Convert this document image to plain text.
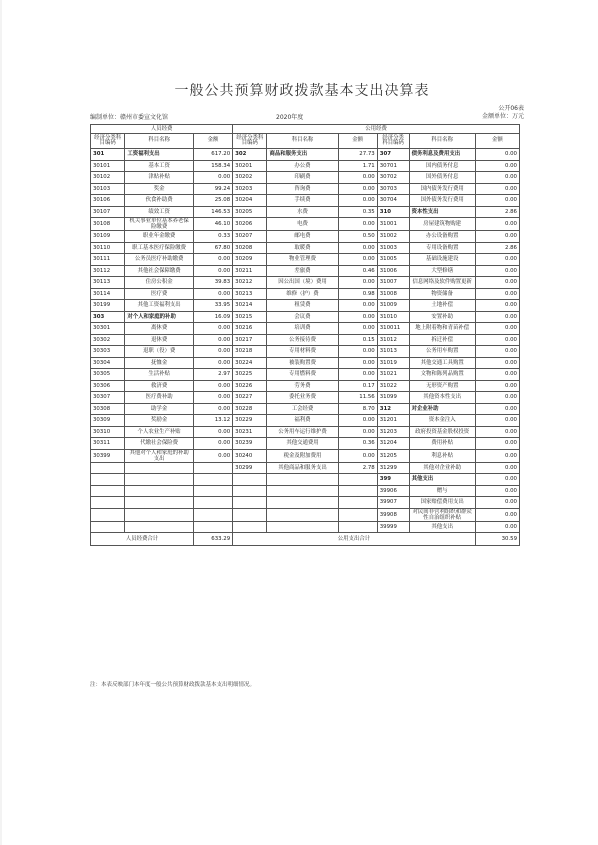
一般公共预算财政拨款基本支出决算表
编制单位：赣州市委宣文化馆	2020年度
公开06表
金额单位：万元
人员经费			公用经费					
经济分类科目编码	科目名称	金额	经济分类科目编码	科目名称	金额	经济分类科目编码	科目名称	金额
301	工资福利支出	617.20	302	商品和服务支出	27.73	307	债务利息及费用支出	0.00
30101	基本工资	158.34	30201	办公费	1.71	30701	国内债务付息	0.00
30102	津贴补贴	0.00	30202	印刷费	0.00	30702	国外债务付息	0.00
30103	奖金	99.24	30203	咨询费	0.00	30703	国内债务发行费用	0.00
30106	伙食补助费	25.08	30204	手续费	0.00	30704	国外债务发行费用	0.00
30107	绩效工资	146.53	30205	水费	0.35	310	资本性支出	2.86
30108	机关事业单位基本养老保险缴费	46.10	30206	电费	0.00	31001	房屋建筑物购建	0.00
30109	职业年金缴费	0.33	30207	邮电费	0.50	31002	办公设备购置	0.00
30110	职工基本医疗保险缴费	67.80	30208	取暖费	0.00	31003	专用设备购置	2.86
30111	公务员医疗补助缴费	0.00	30209	物业管理费	0.00	31005	基础设施建设	0.00
30112	其他社会保障缴费	0.00	30211	差旅费	0.46	31006	大型修缮	0.00
30113	住房公积金	39.83	30212	因公出国（境）费用	0.00	31007	信息网络及软件购置更新	0.00
30114	医疗费	0.00	30213	维修（护）费	0.98	31008	物资储备	0.00
30199	其他工资福利支出	33.95	30214	租赁费	0.00	31009	土地补偿	0.00
303	对个人和家庭的补助	16.09	30215	会议费	0.00	31010	安置补助	0.00
30301	离休费	0.00	30216	培训费	0.00	310011	地上附着物和青苗补偿	0.00
30302	退休费	0.00	30217	公务接待费	0.15	31012	拆迁补偿	0.00
30303	退职（役）费	0.00	30218	专用材料费	0.00	31013	公务用车购置	0.00
30304	抚恤金	0.00	30224	被装购置费	0.00	31019	其他交通工具购置	0.00
30305	生活补贴	2.97	30225	专用燃料费	0.00	31021	文物和陈列品购置	0.00
30306	救济费	0.00	30226	劳务费	0.17	31022	无形资产购置	0.00
30307	医疗费补助	0.00	30227	委托业务费	11.56	31099	其他资本性支出	0.00
30308	助学金	0.00	30228	工会经费	8.70	312	对企业补助	0.00
30309	奖励金	13.12	30229	福利费	0.00	31201	资本金注入	0.00
30310	个人农业生产补贴	0.00	30231	公务用车运行维护费	0.00	31203	政府投资基金股权投资	0.00
30311	代缴社会保险费	0.00	30239	其他交通费用	0.36	31204	费用补贴	0.00
30399	其他对个人和家庭的补助支出	0.00	30240	税金及附加费用	0.00	31205	利息补贴	0.00
			30299	其他商品和服务支出	2.78	31299	其他对企业补助	0.00
						399	其他支出	0.00
						39906	赠与	0.00
						39907	国家赔偿费用支出	0.00
						39908	对民间非营利组织和群众性自治组织补贴	0.00
						39999	其他支出	0.00
人员经费合计		633.29	公用支出合计					30.59
注：本表反映部门本年度一般公共预算财政拨款基本支出明细情况。
